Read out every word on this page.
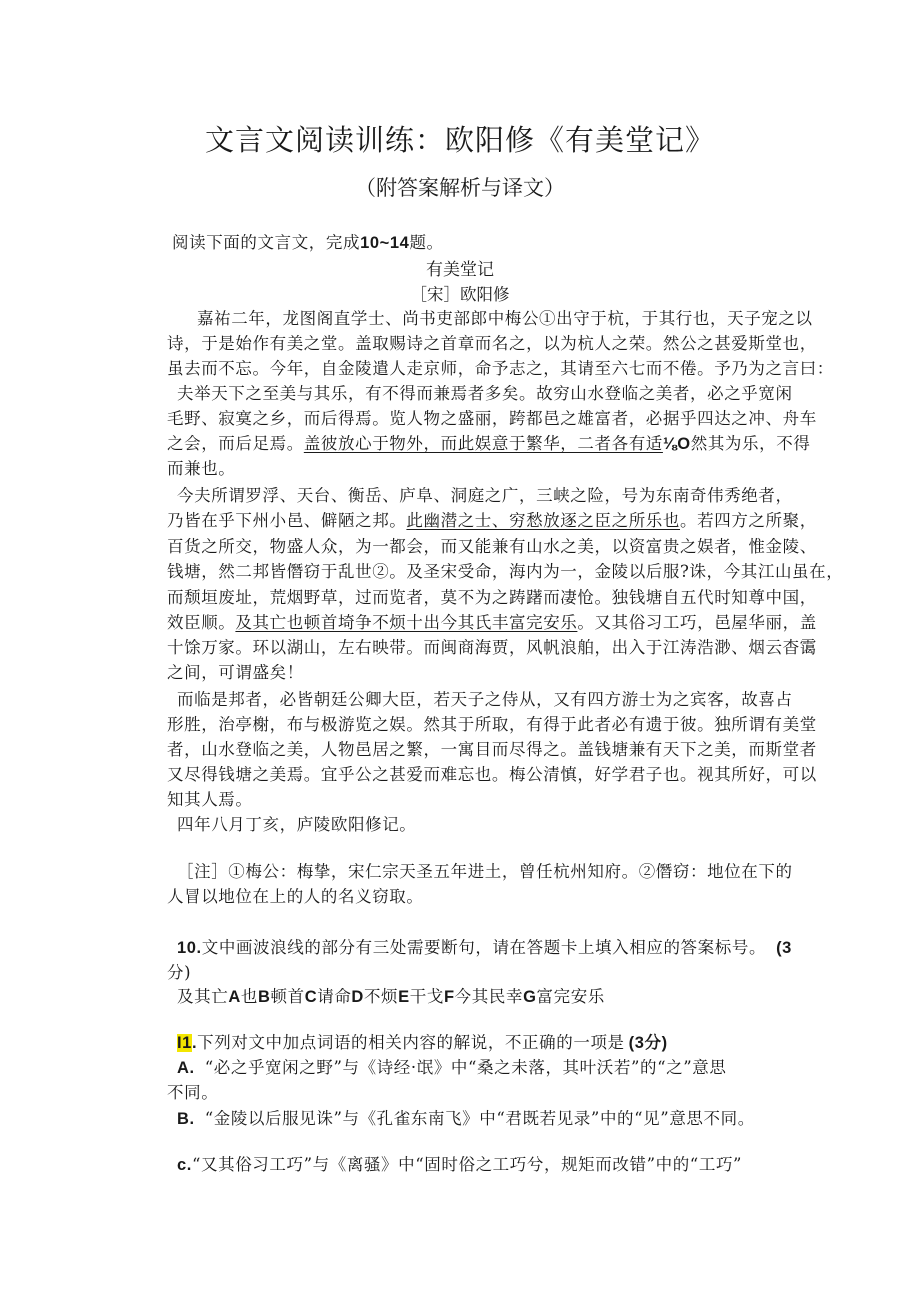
文言文阅读训练：欧阳修《有美堂记》
（附答案解析与译文）
阅读下面的文言文，完成10~14题。
有美堂记
［宋］欧阳修
嘉祐二年，龙图阁直学士、尚书吏部郎中梅公①出守于杭，于其行也，天子宠之以
诗，于是始作有美之堂。盖取赐诗之首章而名之，以为杭人之荣。然公之甚爱斯堂也，
虽去而不忘。今年，自金陵遣人走京师，命予志之，其请至六七而不倦。予乃为之言曰：
夫举天下之至美与其乐，有不得而兼焉者多矣。故穷山水登临之美者，必之乎宽闲
毛野、寂寞之乡，而后得焉。览人物之盛丽，跨都邑之雄富者，必据乎四达之冲、舟车
之会，而后足焉。盖彼放心于物外，而此娱意于繁华，二者各有适⅛O然其为乐，不得
而兼也。
今夫所谓罗浮、天台、衡岳、庐阜、洞庭之广，三峡之险，号为东南奇伟秀绝者，
乃皆在乎下州小邑、僻陋之邦。此幽潜之士、穷愁放逐之臣之所乐也。若四方之所聚，
百货之所交，物盛人众，为一都会，而又能兼有山水之美，以资富贵之娱者，惟金陵、
钱塘，然二邦皆僭窃于乱世②。及圣宋受命，海内为一，金陵以后服?诛，今其江山虽在，
而颓垣废址，荒烟野草，过而览者，莫不为之踌躇而凄怆。独钱塘自五代时知尊中国，
效臣顺。及其亡也顿首埼争不烦十出今其氏丰富完安乐。又其俗习工巧，邑屋华丽，盖
十馀万家。环以湖山，左右映带。而闽商海贾，风帆浪舶，出入于江涛浩渺、烟云杳霭
之间，可谓盛矣！
而临是邦者，必皆朝廷公卿大臣，若天子之侍从，又有四方游士为之宾客，故喜占
形胜，治亭榭，布与极游览之娱。然其于所取，有得于此者必有遗于彼。独所谓有美堂
者，山水登临之美，人物邑居之繁，一寓目而尽得之。盖钱塘兼有天下之美，而斯堂者
又尽得钱塘之美焉。宜乎公之甚爱而难忘也。梅公清慎，好学君子也。视其所好，可以
知其人焉。
四年八月丁亥，庐陵欧阳修记。
［注］①梅公：梅挚，宋仁宗天圣五年进土，曾任杭州知府。②僭窃：地位在下的
人冒以地位在上的人的名义窃取。
10.文中画波浪线的部分有三处需要断句，请在答题卡上填入相应的答案标号。 (3
分)
及其亡A也B顿首C请命D不烦E干戈F今其民幸G富完安乐
I1.下列对文中加点词语的相关内容的解说，不正确的一项是 (3分)
A. “必之乎宽闲之野”与《诗经·氓》中“桑之未落，其叶沃若”的“之”意思
不同。
B. “金陵以后服见诛”与《孔雀东南飞》中“君既若见录”中的“见”意思不同。
c.“又其俗习工巧”与《离骚》中“固时俗之工巧兮，规矩而改错”中的“工巧”
